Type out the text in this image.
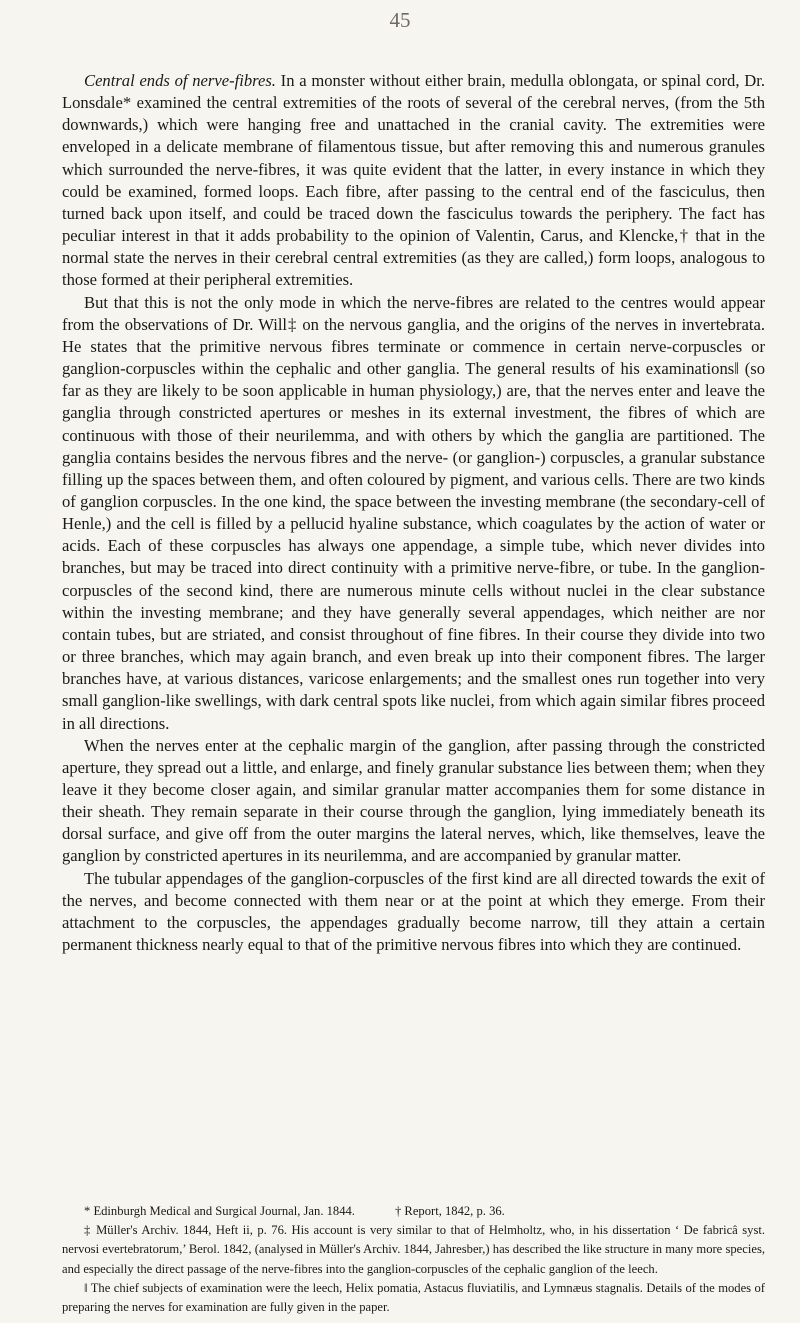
45

Central ends of nerve-fibres. In a monster without either brain, medulla oblongata, or spinal cord, Dr. Lonsdale* examined the central extremities of the roots of several of the cerebral nerves, (from the 5th downwards,) which were hanging free and unattached in the cranial cavity. The extremities were enveloped in a delicate membrane of filamentous tissue, but after removing this and numerous granules which surrounded the nerve-fibres, it was quite evident that the latter, in every instance in which they could be examined, formed loops. Each fibre, after passing to the central end of the fasciculus, then turned back upon itself, and could be traced down the fasciculus towards the periphery. The fact has peculiar interest in that it adds probability to the opinion of Valentin, Carus, and Klencke,† that in the normal state the nerves in their cerebral central extremities (as they are called,) form loops, analogous to those formed at their peripheral extremities.

But that this is not the only mode in which the nerve-fibres are related to the centres would appear from the observations of Dr. Will‡ on the nervous ganglia, and the origins of the nerves in invertebrata. He states that the primitive nervous fibres terminate or commence in certain nerve-corpuscles or ganglion-corpuscles within the cephalic and other ganglia. The general results of his examinations‖ (so far as they are likely to be soon applicable in human physiology,) are, that the nerves enter and leave the ganglia through constricted apertures or meshes in its external investment, the fibres of which are continuous with those of their neurilemma, and with others by which the ganglia are partitioned. The ganglia contains besides the nervous fibres and the nerve- (or ganglion-) corpuscles, a granular substance filling up the spaces between them, and often coloured by pigment, and various cells. There are two kinds of ganglion corpuscles. In the one kind, the space between the investing membrane (the secondary-cell of Henle,) and the cell is filled by a pellucid hyaline substance, which coagulates by the action of water or acids. Each of these corpuscles has always one appendage, a simple tube, which never divides into branches, but may be traced into direct continuity with a primitive nerve-fibre, or tube. In the ganglion-corpuscles of the second kind, there are numerous minute cells without nuclei in the clear substance within the investing membrane; and they have generally several appendages, which neither are nor contain tubes, but are striated, and consist throughout of fine fibres. In their course they divide into two or three branches, which may again branch, and even break up into their component fibres. The larger branches have, at various distances, varicose enlargements; and the smallest ones run together into very small ganglion-like swellings, with dark central spots like nuclei, from which again similar fibres proceed in all directions.

When the nerves enter at the cephalic margin of the ganglion, after passing through the constricted aperture, they spread out a little, and enlarge, and finely granular substance lies between them; when they leave it they become closer again, and similar granular matter accompanies them for some distance in their sheath. They remain separate in their course through the ganglion, lying immediately beneath its dorsal surface, and give off from the outer margins the lateral nerves, which, like themselves, leave the ganglion by constricted apertures in its neurilemma, and are accompanied by granular matter.

The tubular appendages of the ganglion-corpuscles of the first kind are all directed towards the exit of the nerves, and become connected with them near or at the point at which they emerge. From their attachment to the corpuscles, the appendages gradually become narrow, till they attain a certain permanent thickness nearly equal to that of the primitive nervous fibres into which they are continued.

* Edinburgh Medical and Surgical Journal, Jan. 1844.	† Report, 1842, p. 36.

‡ Müller's Archiv. 1844, Heft ii, p. 76. His account is very similar to that of Helmholtz, who, in his dissertation ‘ De fabricâ syst. nervosi evertebratorum,’ Berol. 1842, (analysed in Müller's Archiv. 1844, Jahresber,) has described the like structure in many more species, and especially the direct passage of the nerve-fibres into the ganglion-corpuscles of the cephalic ganglion of the leech.

‖ The chief subjects of examination were the leech, Helix pomatia, Astacus fluviatilis, and Lymnæus stagnalis. Details of the modes of preparing the nerves for examination are fully given in the paper.
